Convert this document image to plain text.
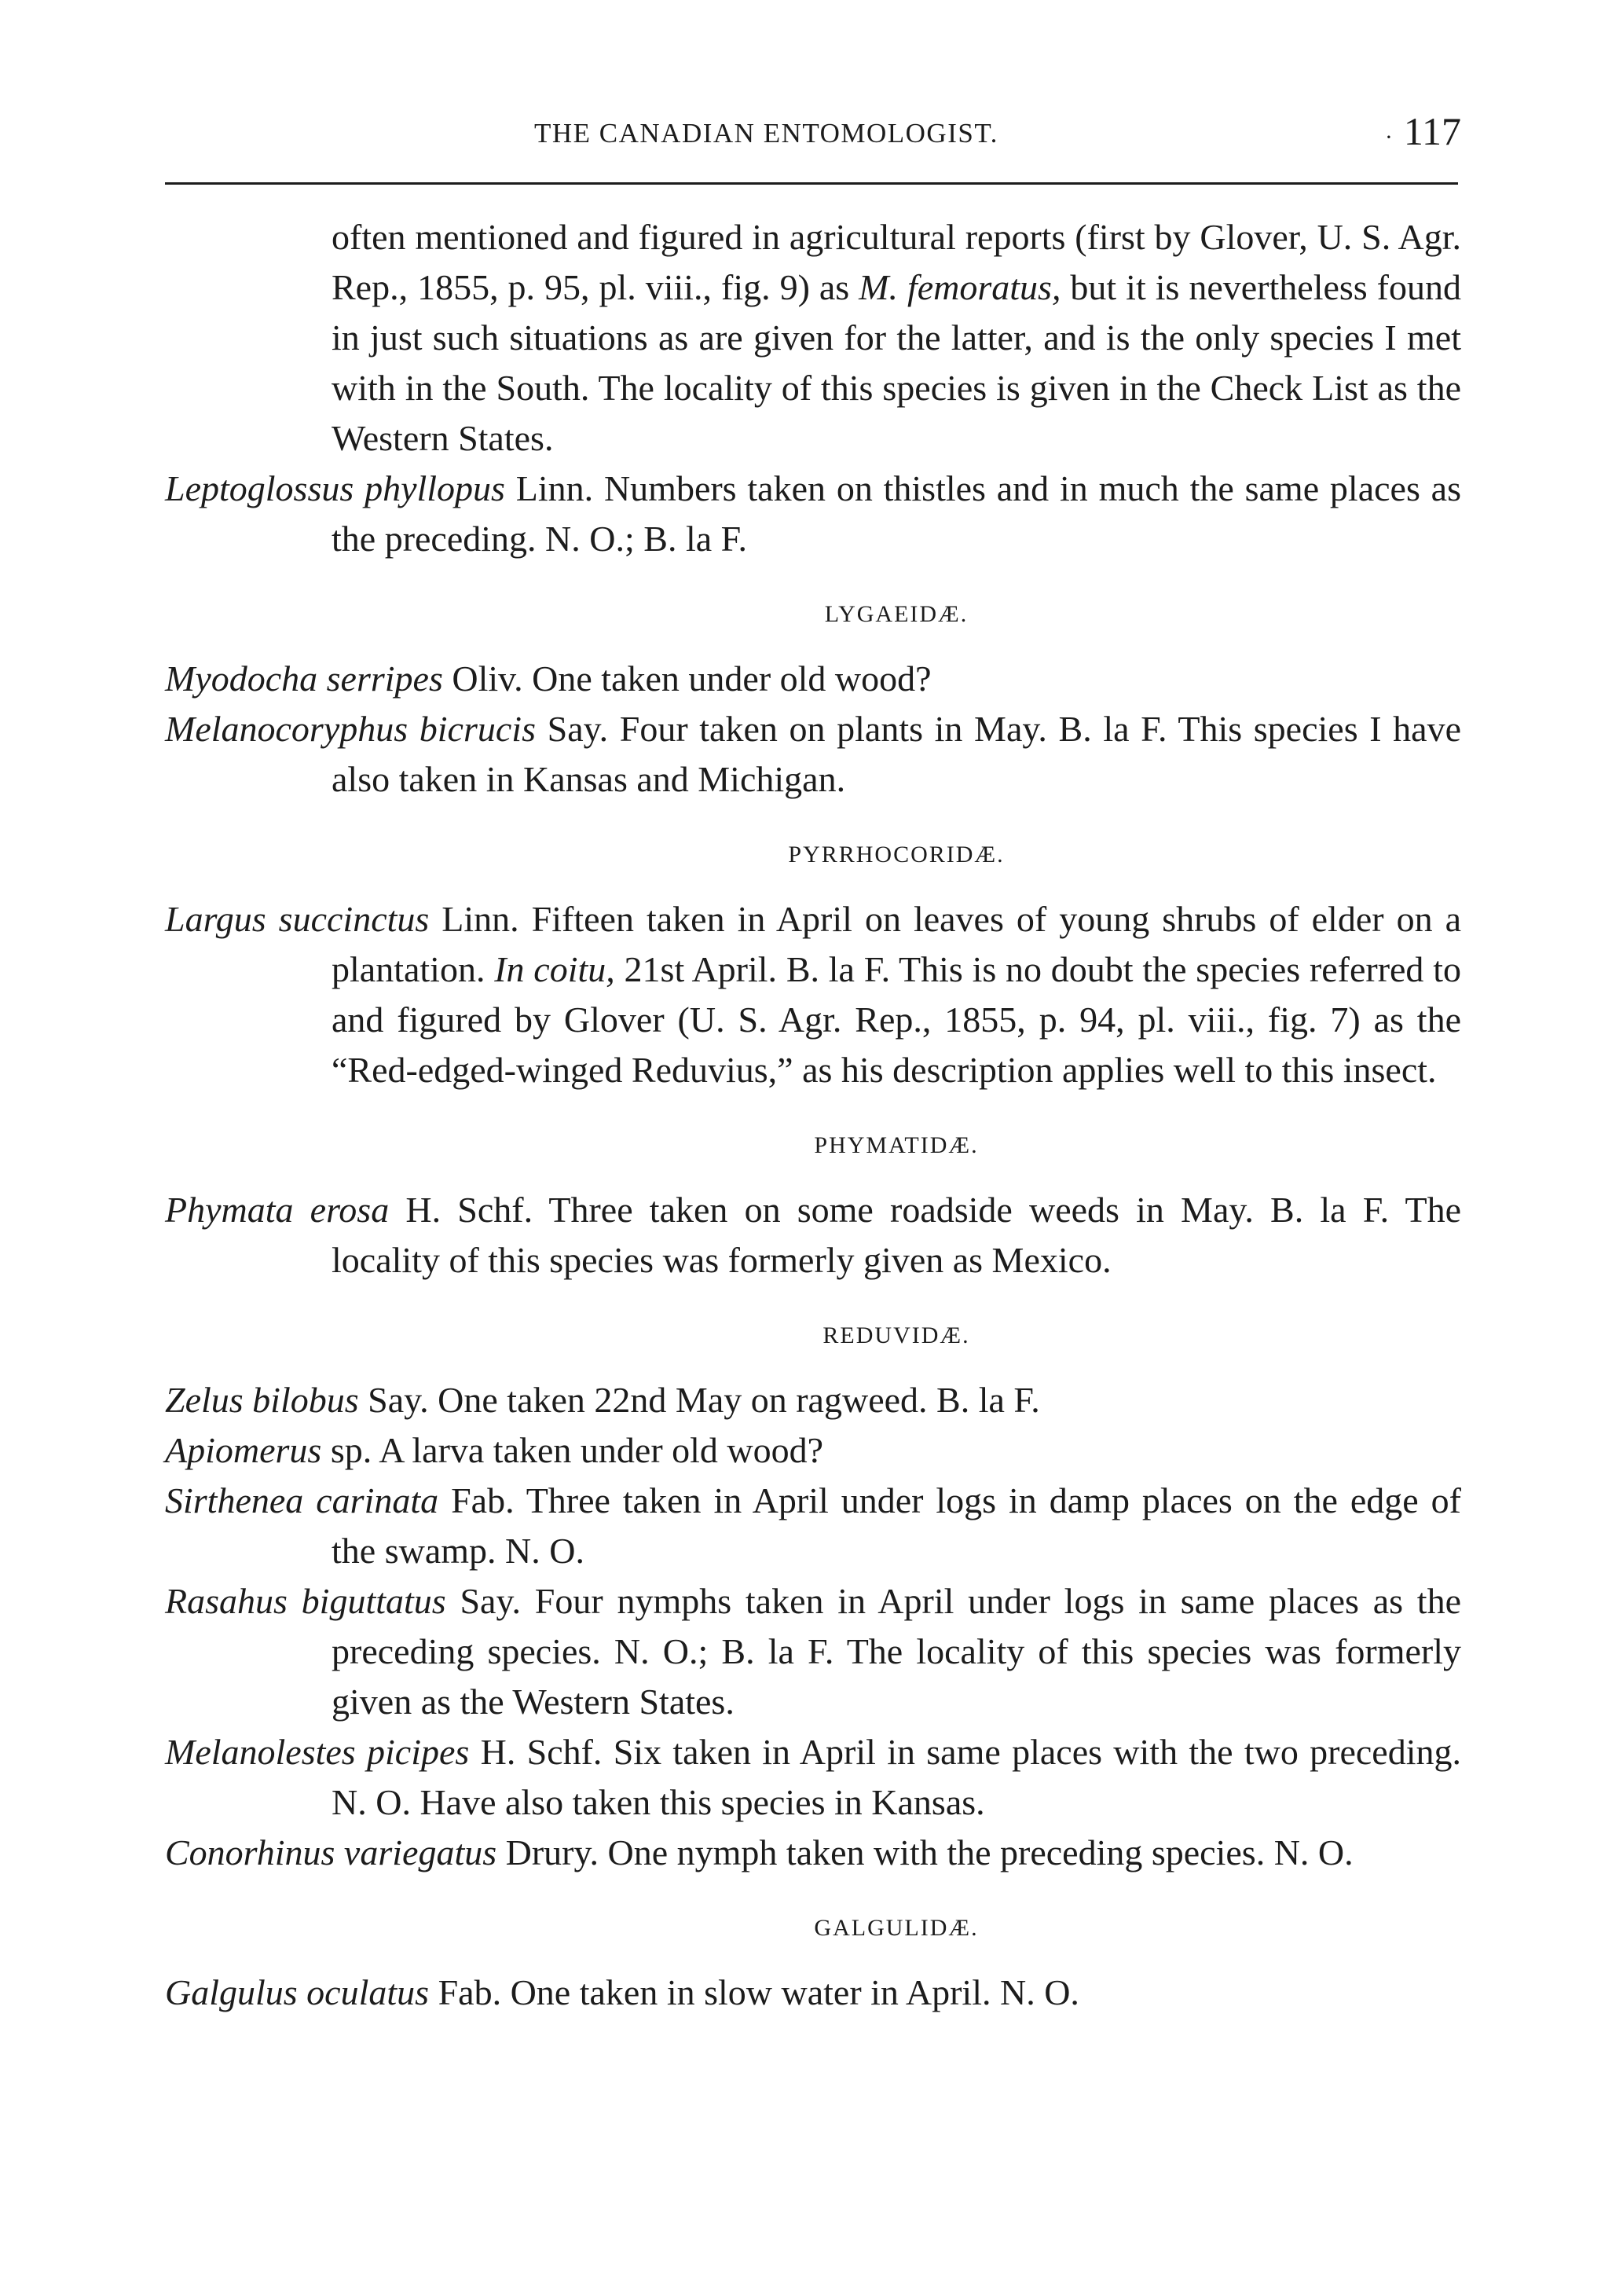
THE CANADIAN ENTOMOLOGIST.	· 117

often mentioned and figured in agricultural reports (first by Glover, U. S. Agr. Rep., 1855, p. 95, pl. viii., fig. 9) as M. femoratus, but it is nevertheless found in just such situations as are given for the latter, and is the only species I met with in the South. The locality of this species is given in the Check List as the Western States.

Leptoglossus phyllopus Linn. Numbers taken on thistles and in much the same places as the preceding. N. O.; B. la F.

LYGAEIDÆ.

Myodocha serripes Oliv. One taken under old wood?

Melanocoryphus bicrucis Say. Four taken on plants in May. B. la F. This species I have also taken in Kansas and Michigan.

PYRRHOCORIDÆ.

Largus succinctus Linn. Fifteen taken in April on leaves of young shrubs of elder on a plantation. In coitu, 21st April. B. la F. This is no doubt the species referred to and figured by Glover (U. S. Agr. Rep., 1855, p. 94, pl. viii., fig. 7) as the “Red-edged-winged Reduvius,” as his description applies well to this insect.

PHYMATIDÆ.

Phymata erosa H. Schf. Three taken on some roadside weeds in May. B. la F. The locality of this species was formerly given as Mexico.

REDUVIDÆ.

Zelus bilobus Say. One taken 22nd May on ragweed. B. la F.

Apiomerus sp. A larva taken under old wood?

Sirthenea carinata Fab. Three taken in April under logs in damp places on the edge of the swamp. N. O.

Rasahus biguttatus Say. Four nymphs taken in April under logs in same places as the preceding species. N. O.; B. la F. The locality of this species was formerly given as the Western States.

Melanolestes picipes H. Schf. Six taken in April in same places with the two preceding. N. O. Have also taken this species in Kansas.

Conorhinus variegatus Drury. One nymph taken with the preceding species. N. O.

GALGULIDÆ.

Galgulus oculatus Fab. One taken in slow water in April. N. O.
